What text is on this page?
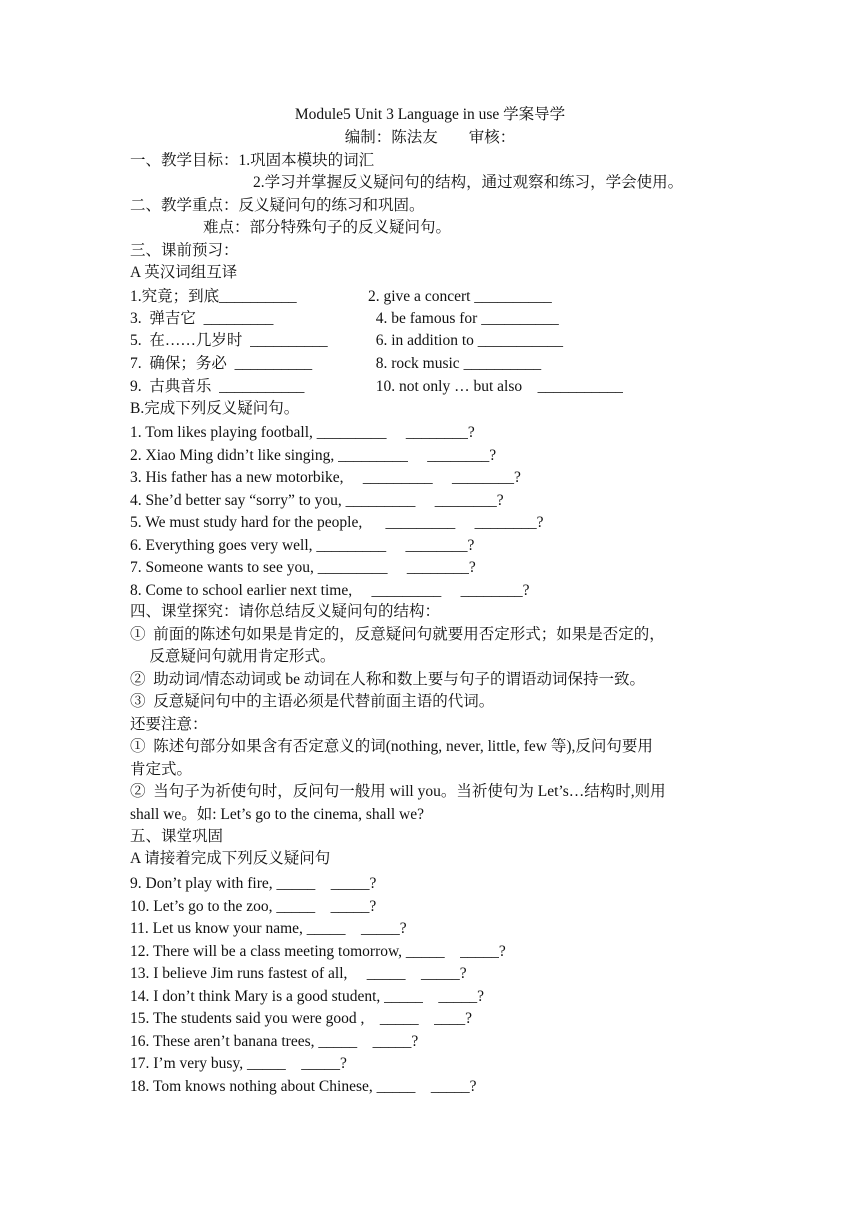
Module5 Unit 3 Language in use 学案导学
编制：陈法友　　审核：
一、教学目标：1.巩固本模块的词汇
2.学习并掌握反义疑问句的结构，通过观察和练习，学会使用。
二、教学重点：反义疑问句的练习和巩固。
难点：部分特殊句子的反义疑问句。
三、课前预习：
A 英汉词组互译
1.究竟；到底__________	2. give a concert __________
3.  弹吉它  _________	4. be famous for __________
5.  在……几岁时  __________	6. in addition to ___________
7.  确保；务必  __________	8. rock music __________
9.  古典音乐  ___________	10. not only … but also    ___________
B.完成下列反义疑问句。
1. Tom likes playing football, _________     ________?
2. Xiao Ming didn’t like singing, _________     ________?
3. His father has a new motorbike,     _________     ________?
4. She’d better say “sorry” to you, _________     ________?
5. We must study hard for the people,      _________     ________?
6. Everything goes very well, _________     ________?
7. Someone wants to see you, _________     ________?
8. Come to school earlier next time,     _________     ________?
四、课堂探究：请你总结反义疑问句的结构：
①  前面的陈述句如果是肯定的，反意疑问句就要用否定形式；如果是否定的，
反意疑问句就用肯定形式。
②  助动词/情态动词或 be 动词在人称和数上要与句子的谓语动词保持一致。
③  反意疑问句中的主语必须是代替前面主语的代词。
还要注意：
①  陈述句部分如果含有否定意义的词(nothing, never, little, few 等),反问句要用
肯定式。
②  当句子为祈使句时，反问句一般用 will you。当祈使句为 Let’s…结构时,则用
shall we。如: Let’s go to the cinema, shall we?
五、课堂巩固
A 请接着完成下列反义疑问句
9. Don’t play with fire, _____    _____?
10. Let’s go to the zoo, _____    _____?
11. Let us know your name, _____    _____?
12. There will be a class meeting tomorrow, _____    _____?
13. I believe Jim runs fastest of all,     _____    _____?
14. I don’t think Mary is a good student, _____    _____?
15. The students said you were good ,    _____    ____?
16. These aren’t banana trees, _____    _____?
17. I’m very busy, _____    _____?
18. Tom knows nothing about Chinese, _____    _____?
